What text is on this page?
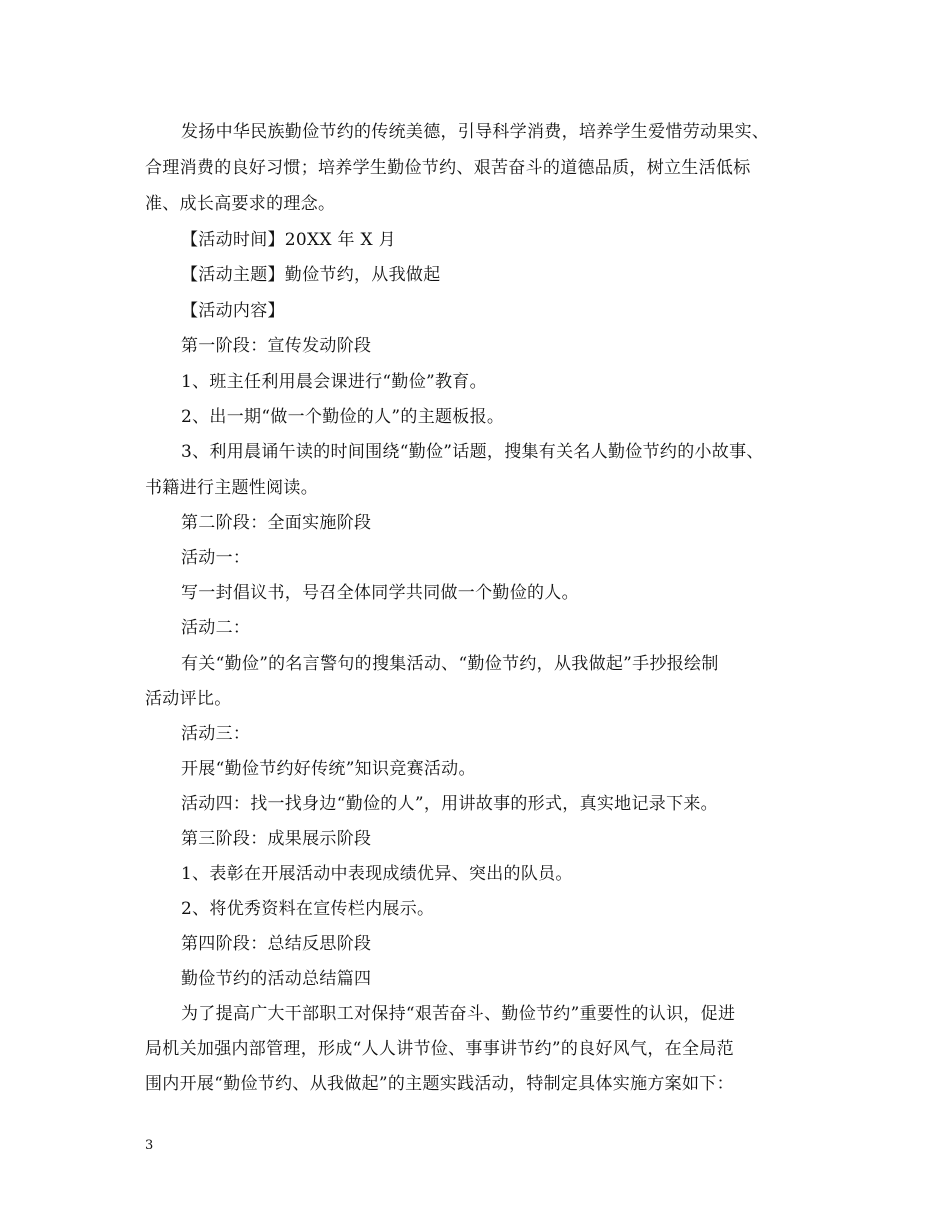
发扬中华民族勤俭节约的传统美德，引导科学消费，培养学生爱惜劳动果实、
合理消费的良好习惯；培养学生勤俭节约、艰苦奋斗的道德品质，树立生活低标
准、成长高要求的理念。
【活动时间】20XX 年 X 月
【活动主题】勤俭节约，从我做起
【活动内容】
第一阶段：宣传发动阶段
1、班主任利用晨会课进行“勤俭”教育。
2、出一期“做一个勤俭的人”的主题板报。
3、利用晨诵午读的时间围绕“勤俭”话题，搜集有关名人勤俭节约的小故事、
书籍进行主题性阅读。
第二阶段：全面实施阶段
活动一：
写一封倡议书，号召全体同学共同做一个勤俭的人。
活动二：
有关“勤俭”的名言警句的搜集活动、“勤俭节约，从我做起”手抄报绘制
活动评比。
活动三：
开展“勤俭节约好传统”知识竞赛活动。
活动四：找一找身边“勤俭的人”，用讲故事的形式，真实地记录下来。
第三阶段：成果展示阶段
1、表彰在开展活动中表现成绩优异、突出的队员。
2、将优秀资料在宣传栏内展示。
第四阶段：总结反思阶段
勤俭节约的活动总结篇四
为了提高广大干部职工对保持“艰苦奋斗、勤俭节约”重要性的认识，促进
局机关加强内部管理，形成“人人讲节俭、事事讲节约”的良好风气，在全局范
围内开展“勤俭节约、从我做起”的主题实践活动，特制定具体实施方案如下：
3
